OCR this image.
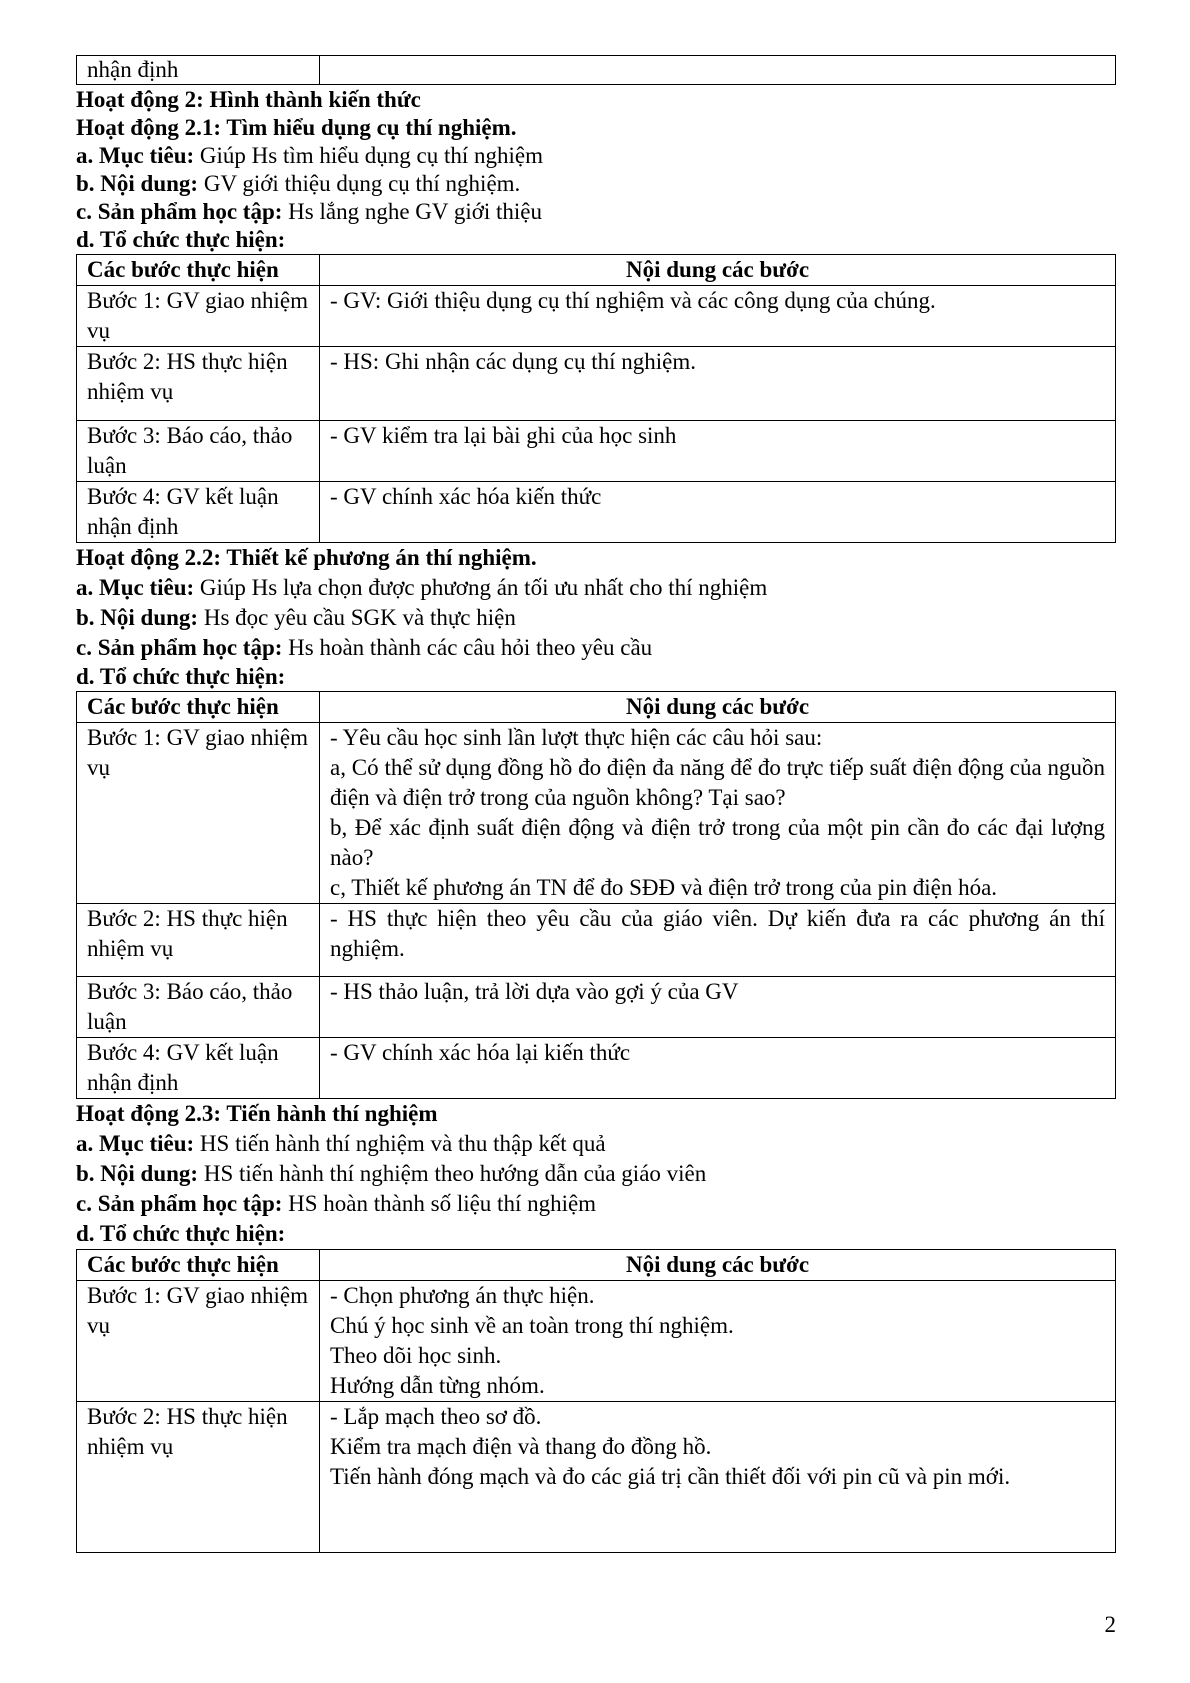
nhận định	
Hoạt động 2: Hình thành kiến thức
Hoạt động 2.1: Tìm hiểu dụng cụ thí nghiệm.
a. Mục tiêu: Giúp Hs tìm hiểu dụng cụ thí nghiệm
b. Nội dung: GV giới thiệu dụng cụ thí nghiệm.
c. Sản phẩm học tập: Hs lắng nghe GV giới thiệu
d. Tổ chức thực hiện:
Các bước thực hiện	Nội dung các bước
Bước 1: GV giao nhiệm vụ	- GV: Giới thiệu dụng cụ thí nghiệm và các công dụng của chúng.
Bước 2: HS thực hiện nhiệm vụ	- HS: Ghi nhận các dụng cụ thí nghiệm.
Bước 3: Báo cáo, thảo luận	- GV kiểm tra lại bài ghi của học sinh
Bước 4: GV kết luận nhận định	- GV chính xác hóa kiến thức
Hoạt động 2.2: Thiết kế phương án thí nghiệm.
a. Mục tiêu: Giúp Hs lựa chọn được phương án tối ưu nhất cho thí nghiệm
b. Nội dung: Hs đọc yêu cầu SGK và thực hiện
c. Sản phẩm học tập: Hs hoàn thành các câu hỏi theo yêu cầu
d. Tổ chức thực hiện:
Các bước thực hiện	Nội dung các bước
Bước 1: GV giao nhiệm vụ	- Yêu cầu học sinh lần lượt thực hiện các câu hỏi sau:
a, Có thể sử dụng đồng hồ đo điện đa năng để đo trực tiếp suất điện động của nguồn điện và điện trở trong của nguồn không? Tại sao?
b, Để xác định suất điện động và điện trở trong của một pin cần đo các đại lượng nào?
c, Thiết kế phương án TN để đo SĐĐ và điện trở trong của pin điện hóa.

Bước 2: HS thực hiện nhiệm vụ	- HS thực hiện theo yêu cầu của giáo viên. Dự kiến đưa ra các phương án thí nghiệm.
Bước 3: Báo cáo, thảo luận	- HS thảo luận, trả lời dựa vào gợi ý của GV
Bước 4: GV kết luận nhận định	- GV chính xác hóa lại kiến thức
Hoạt động 2.3: Tiến hành thí nghiệm
a. Mục tiêu: HS tiến hành thí nghiệm và thu thập kết quả
b. Nội dung: HS tiến hành thí nghiệm theo hướng dẫn của giáo viên
c. Sản phẩm học tập: HS hoàn thành số liệu thí nghiệm
d. Tổ chức thực hiện:
Các bước thực hiện	Nội dung các bước
Bước 1: GV giao nhiệm vụ	- Chọn phương án thực hiện.
Chú ý học sinh về an toàn trong thí nghiệm.
Theo dõi học sinh.
Hướng dẫn từng nhóm.

Bước 2: HS thực hiện nhiệm vụ	- Lắp mạch theo sơ đồ.
Kiểm tra mạch điện và thang đo đồng hồ.
Tiến hành đóng mạch và đo các giá trị cần thiết đối với pin cũ và pin mới.
2
